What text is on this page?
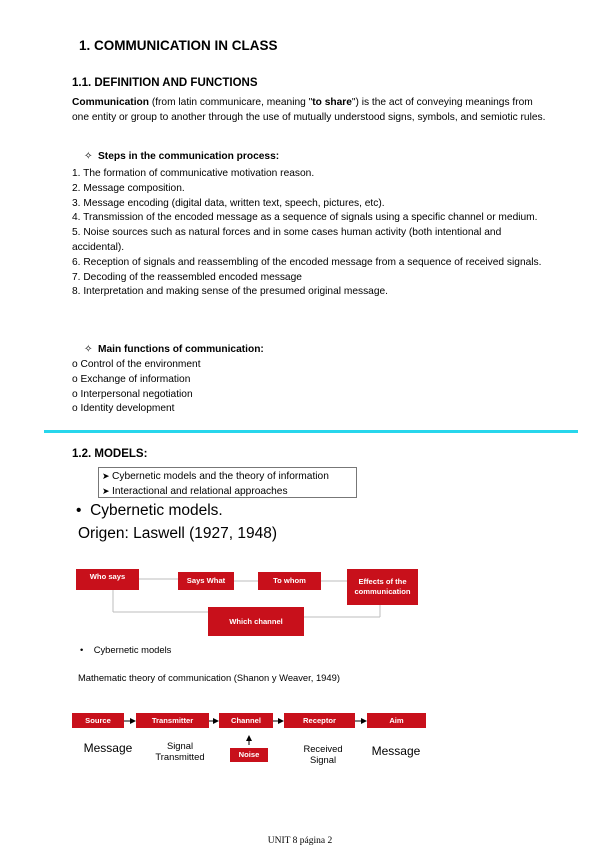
1. COMMUNICATION IN CLASS
1.1. DEFINITION AND FUNCTIONS
Communication (from latin communicare, meaning "to share") is the act of conveying meanings from one entity or group to another through the use of mutually understood signs, symbols, and semiotic rules.
✧ Steps in the communication process:
1. The formation of communicative motivation reason.
2. Message composition.
3. Message encoding (digital data, written text, speech, pictures, etc).
4. Transmission of the encoded message as a sequence of signals using a specific channel or medium.
5. Noise sources such as natural forces and in some cases human activity (both intentional and accidental).
6. Reception of signals and reassembling of the encoded message from a sequence of received signals.
7. Decoding of the reassembled encoded message
8. Interpretation and making sense of the presumed original message.
✧ Main functions of communication:
o Control of the environment
o Exchange of information
o Interpersonal negotiation
o Identity development
1.2. MODELS:
➤ Cybernetic models and the theory of information
➤ Interactional and relational approaches
• Cybernetic models.
Origen: Laswell (1927, 1948)
Who says	Says What	To whom	Effects of the communication
Which channel
• Cybernetic models
Mathematic theory of communication (Shanon y Weaver, 1949)
Source	Transmitter	Channel	Receptor	Aim
Noise
Message	Signal Transmitted
Received Signal
Message
UNIT 8 página 2
